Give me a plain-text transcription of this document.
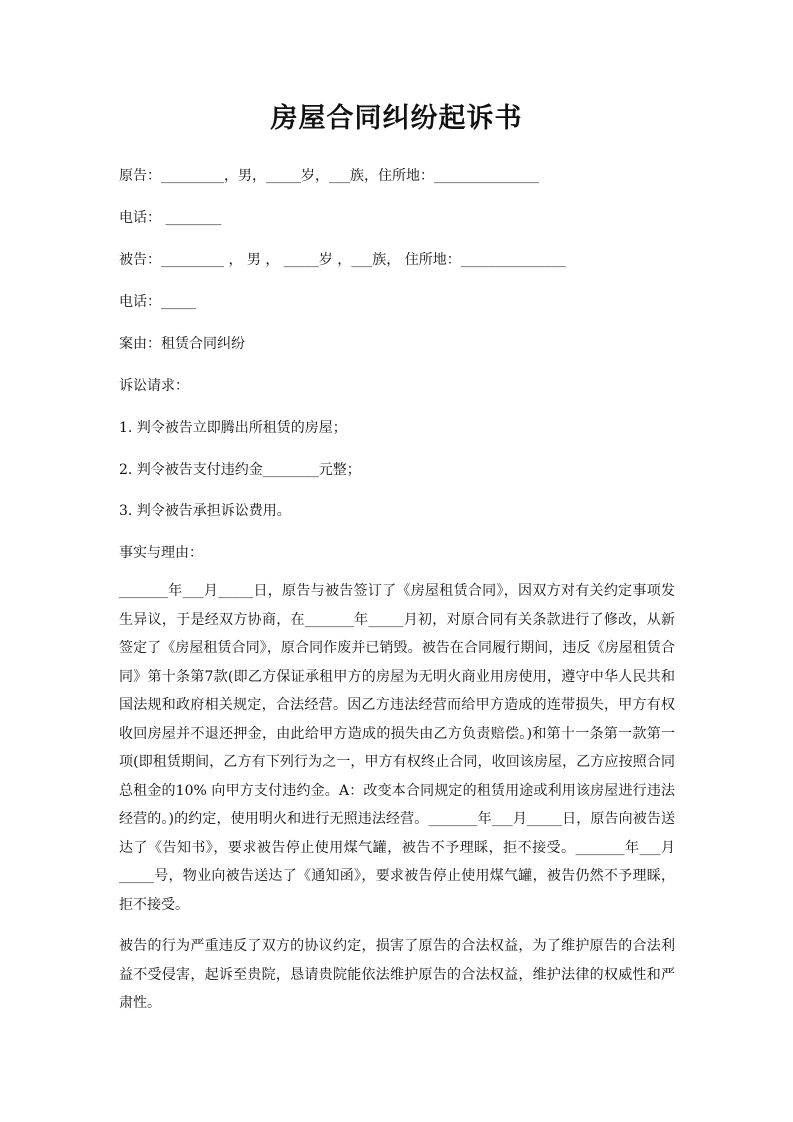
房屋合同纠纷起诉书

原告：_________，男，_____岁，___族，住所地：_______________

电话： ________

被告：_________ ， 男 ， _____岁 ，___族， 住所地：_______________

电话：_____

案由：租赁合同纠纷

诉讼请求：

1. 判令被告立即腾出所租赁的房屋；

2. 判令被告支付违约金________元整；

3. 判令被告承担诉讼费用。

事实与理由：

_______年___月_____日，原告与被告签订了《房屋租赁合同》，因双方对有关约定事项发生异议，于是经双方协商，在_______年_____月初，对原合同有关条款进行了修改，从新签定了《房屋租赁合同》，原合同作废并已销毁。被告在合同履行期间，违反《房屋租赁合同》第十条第7款(即乙方保证承租甲方的房屋为无明火商业用房使用，遵守中华人民共和国法规和政府相关规定，合法经营。因乙方违法经营而给甲方造成的连带损失，甲方有权收回房屋并不退还押金，由此给甲方造成的损失由乙方负责赔偿。)和第十一条第一款第一项(即租赁期间，乙方有下列行为之一，甲方有权终止合同，收回该房屋，乙方应按照合同总租金的10% 向甲方支付违约金。A：改变本合同规定的租赁用途或利用该房屋进行违法经营的。)的约定，使用明火和进行无照违法经营。_______年___月_____日，原告向被告送达了《告知书》，要求被告停止使用煤气罐，被告不予理睬，拒不接受。_______年___月_____号，物业向被告送达了《通知函》，要求被告停止使用煤气罐，被告仍然不予理睬，拒不接受。

被告的行为严重违反了双方的协议约定，损害了原告的合法权益，为了维护原告的合法利益不受侵害，起诉至贵院，恳请贵院能依法维护原告的合法权益，维护法律的权威性和严肃性。
